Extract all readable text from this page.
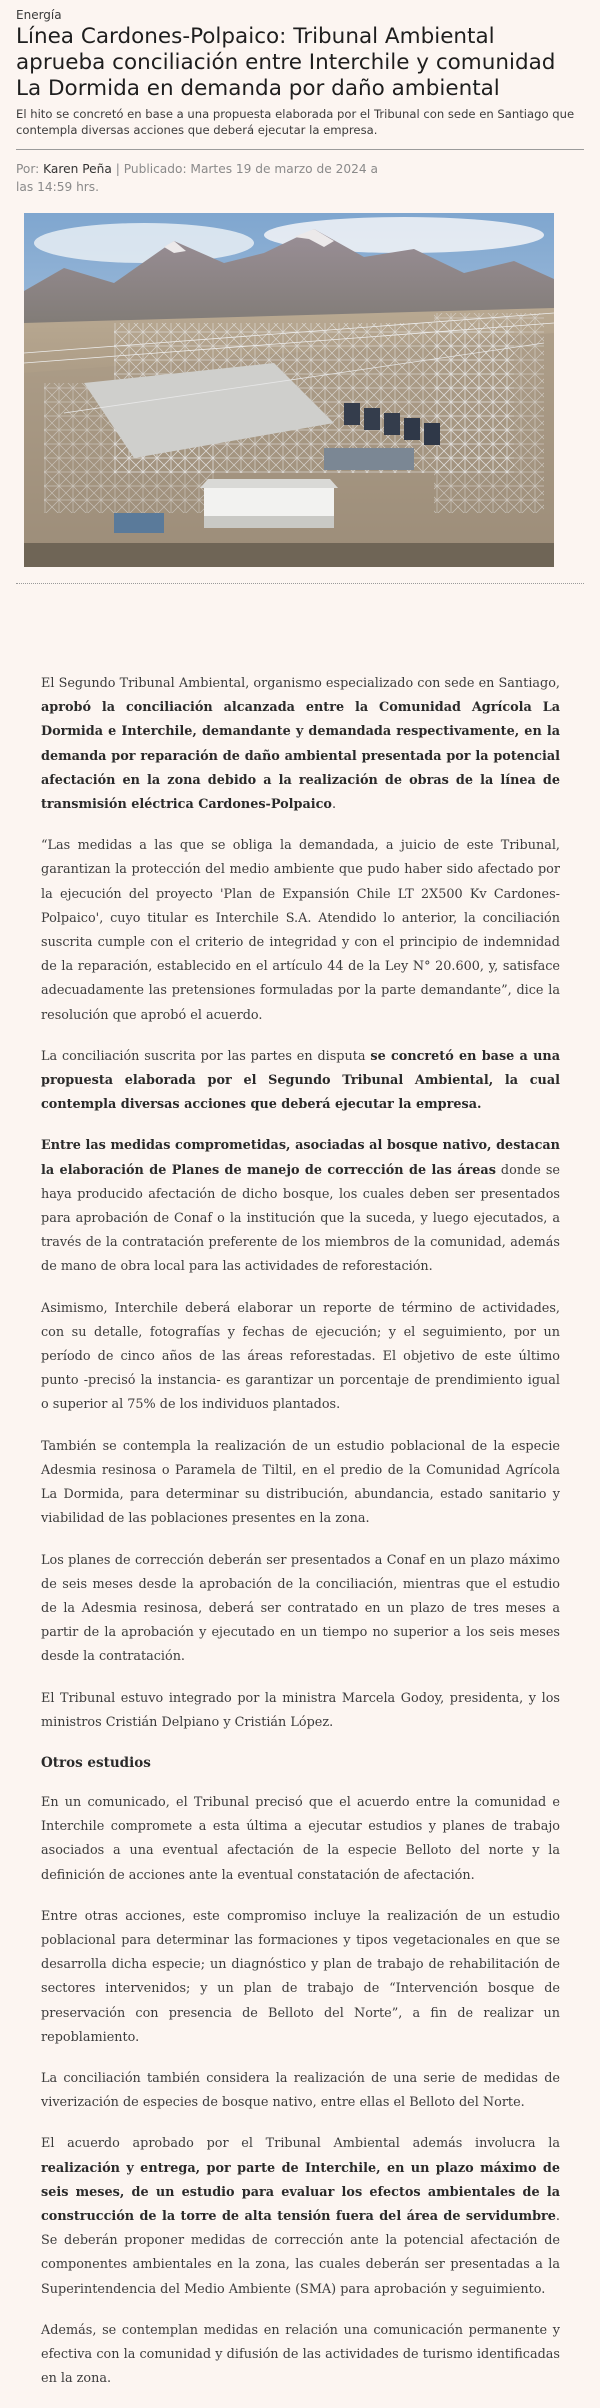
Energía
Línea Cardones-Polpaico: Tribunal Ambiental aprueba conciliación entre Interchile y comunidad La Dormida en demanda por daño ambiental
El hito se concretó en base a una propuesta elaborada por el Tribunal con sede en Santiago que contempla diversas acciones que deberá ejecutar la empresa.
Por: Karen Peña | Publicado: Martes 19 de marzo de 2024 a las 14:59 hrs.

El Segundo Tribunal Ambiental, organismo especializado con sede en Santiago, aprobó la conciliación alcanzada entre la Comunidad Agrícola La Dormida e Interchile, demandante y demandada respectivamente, en la demanda por reparación de daño ambiental presentada por la potencial afectación en la zona debido a la realización de obras de la línea de transmisión eléctrica Cardones-Polpaico.

“Las medidas a las que se obliga la demandada, a juicio de este Tribunal, garantizan la protección del medio ambiente que pudo haber sido afectado por la ejecución del proyecto 'Plan de Expansión Chile LT 2X500 Kv Cardones- Polpaico', cuyo titular es Interchile S.A. Atendido lo anterior, la conciliación suscrita cumple con el criterio de integridad y con el principio de indemnidad de la reparación, establecido en el artículo 44 de la Ley N° 20.600, y, satisface adecuadamente las pretensiones formuladas por la parte demandante”, dice la resolución que aprobó el acuerdo.

La conciliación suscrita por las partes en disputa se concretó en base a una propuesta elaborada por el Segundo Tribunal Ambiental, la cual contempla diversas acciones que deberá ejecutar la empresa.

Entre las medidas comprometidas, asociadas al bosque nativo, destacan la elaboración de Planes de manejo de corrección de las áreas donde se haya producido afectación de dicho bosque, los cuales deben ser presentados para aprobación de Conaf o la institución que la suceda, y luego ejecutados, a través de la contratación preferente de los miembros de la comunidad, además de mano de obra local para las actividades de reforestación.

Asimismo, Interchile deberá elaborar un reporte de término de actividades, con su detalle, fotografías y fechas de ejecución; y el seguimiento, por un período de cinco años de las áreas reforestadas. El objetivo de este último punto -precisó la instancia- es garantizar un porcentaje de prendimiento igual o superior al 75% de los individuos plantados.

También se contempla la realización de un estudio poblacional de la especie Adesmia resinosa o Paramela de Tiltil, en el predio de la Comunidad Agrícola La Dormida, para determinar su distribución, abundancia, estado sanitario y viabilidad de las poblaciones presentes en la zona.

Los planes de corrección deberán ser presentados a Conaf en un plazo máximo de seis meses desde la aprobación de la conciliación, mientras que el estudio de la Adesmia resinosa, deberá ser contratado en un plazo de tres meses a partir de la aprobación y ejecutado en un tiempo no superior a los seis meses desde la contratación.

El Tribunal estuvo integrado por la ministra Marcela Godoy, presidenta, y los ministros Cristián Delpiano y Cristián López.

Otros estudios

En un comunicado, el Tribunal precisó que el acuerdo entre la comunidad e Interchile compromete a esta última a ejecutar estudios y planes de trabajo asociados a una eventual afectación de la especie Belloto del norte y la definición de acciones ante la eventual constatación de afectación.

Entre otras acciones, este compromiso incluye la realización de un estudio poblacional para determinar las formaciones y tipos vegetacionales en que se desarrolla dicha especie; un diagnóstico y plan de trabajo de rehabilitación de sectores intervenidos; y un plan de trabajo de “Intervención bosque de preservación con presencia de Belloto del Norte”, a fin de realizar un repoblamiento.

La conciliación también considera la realización de una serie de medidas de viverización de especies de bosque nativo, entre ellas el Belloto del Norte.

El acuerdo aprobado por el Tribunal Ambiental además involucra la realización y entrega, por parte de Interchile, en un plazo máximo de seis meses, de un estudio para evaluar los efectos ambientales de la construcción de la torre de alta tensión fuera del área de servidumbre. Se deberán proponer medidas de corrección ante la potencial afectación de componentes ambientales en la zona, las cuales deberán ser presentadas a la Superintendencia del Medio Ambiente (SMA) para aprobación y seguimiento.

Además, se contemplan medidas en relación una comunicación permanente y efectiva con la comunidad y difusión de las actividades de turismo identificadas en la zona.
